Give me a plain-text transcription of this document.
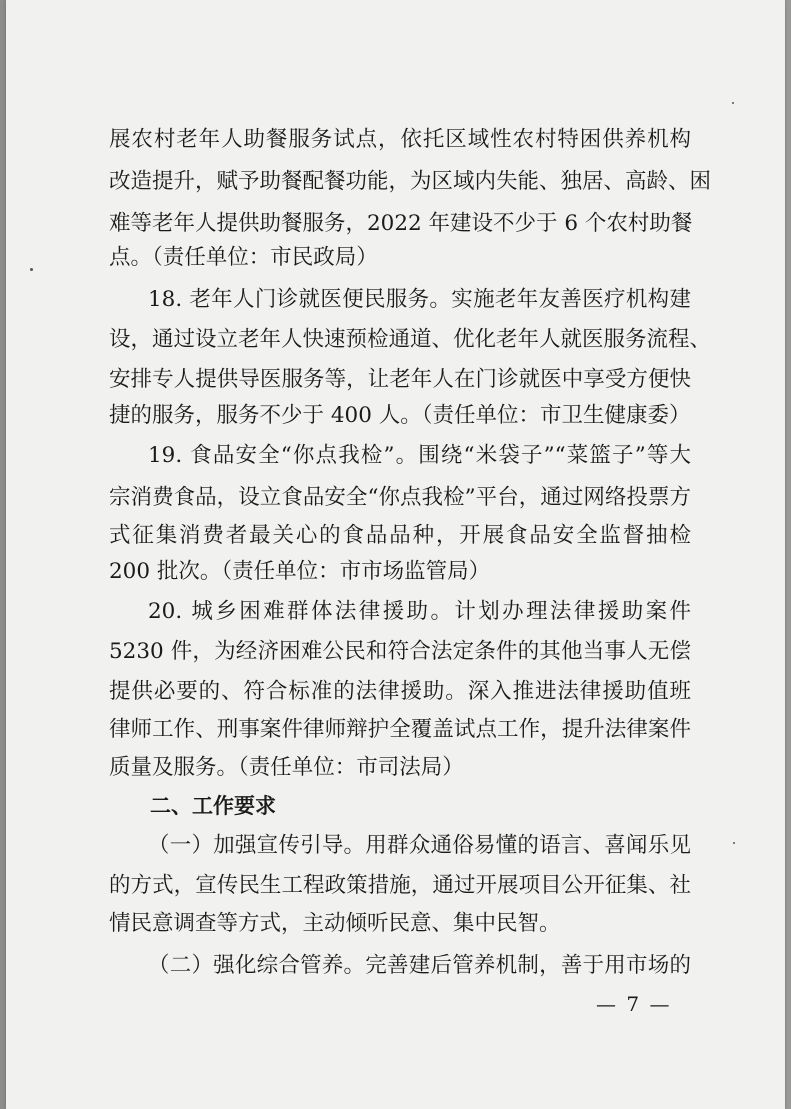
展农村老年人助餐服务试点，依托区域性农村特困供养机构
改造提升，赋予助餐配餐功能，为区域内失能、独居、高龄、困
难等老年人提供助餐服务，2022 年建设不少于 6 个农村助餐
点。（责任单位：市民政局）
18. 老年人门诊就医便民服务。实施老年友善医疗机构建
设，通过设立老年人快速预检通道、优化老年人就医服务流程、
安排专人提供导医服务等，让老年人在门诊就医中享受方便快
捷的服务，服务不少于 400 人。（责任单位：市卫生健康委）
19. 食品安全“你点我检”。围绕“米袋子”“菜篮子”等大
宗消费食品，设立食品安全“你点我检”平台，通过网络投票方
式征集消费者最关心的食品品种，开展食品安全监督抽检
200 批次。（责任单位：市市场监管局）
20. 城乡困难群体法律援助。计划办理法律援助案件
5230 件，为经济困难公民和符合法定条件的其他当事人无偿
提供必要的、符合标准的法律援助。深入推进法律援助值班
律师工作、刑事案件律师辩护全覆盖试点工作，提升法律案件
质量及服务。（责任单位：市司法局）
二、工作要求
（一）加强宣传引导。用群众通俗易懂的语言、喜闻乐见
的方式，宣传民生工程政策措施，通过开展项目公开征集、社
情民意调查等方式，主动倾听民意、集中民智。
（二）强化综合管养。完善建后管养机制，善于用市场的
— 7 —
